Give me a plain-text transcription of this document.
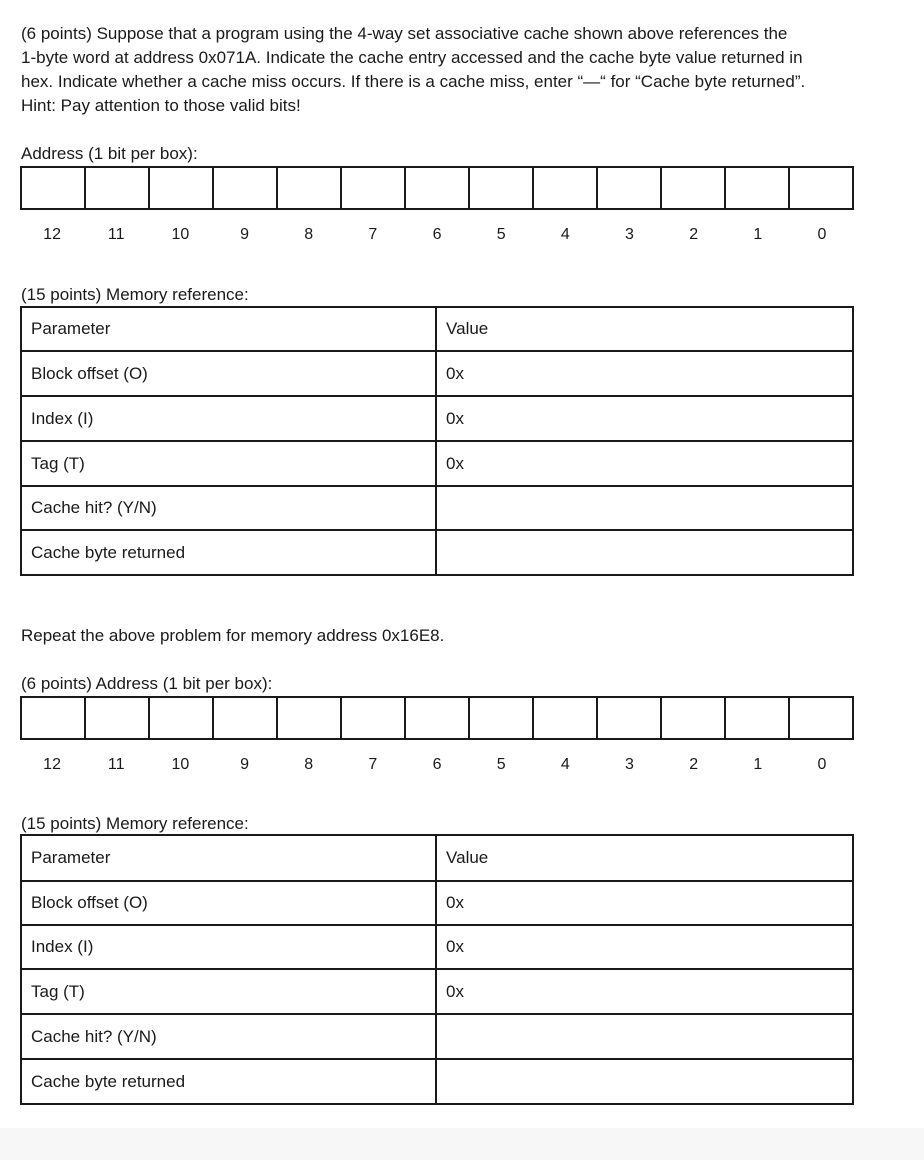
(6 points) Suppose that a program using the 4-way set associative cache shown above references the
1-byte word at address 0x071A. Indicate the cache entry accessed and the cache byte value returned in
hex. Indicate whether a cache miss occurs. If there is a cache miss, enter “—“ for “Cache byte returned”.
Hint: Pay attention to those valid bits!
Address (1 bit per box):
12	11	10	9	8	7	6	5	4	3	2	1	0
(15 points) Memory reference:
Parameter	Value
Block offset (O)	0x
Index (I)	0x
Tag (T)	0x
Cache hit? (Y/N)	
Cache byte returned	
Repeat the above problem for memory address 0x16E8.
(6 points) Address (1 bit per box):
12	11	10	9	8	7	6	5	4	3	2	1	0
(15 points) Memory reference:
Parameter	Value
Block offset (O)	0x
Index (I)	0x
Tag (T)	0x
Cache hit? (Y/N)	
Cache byte returned	
